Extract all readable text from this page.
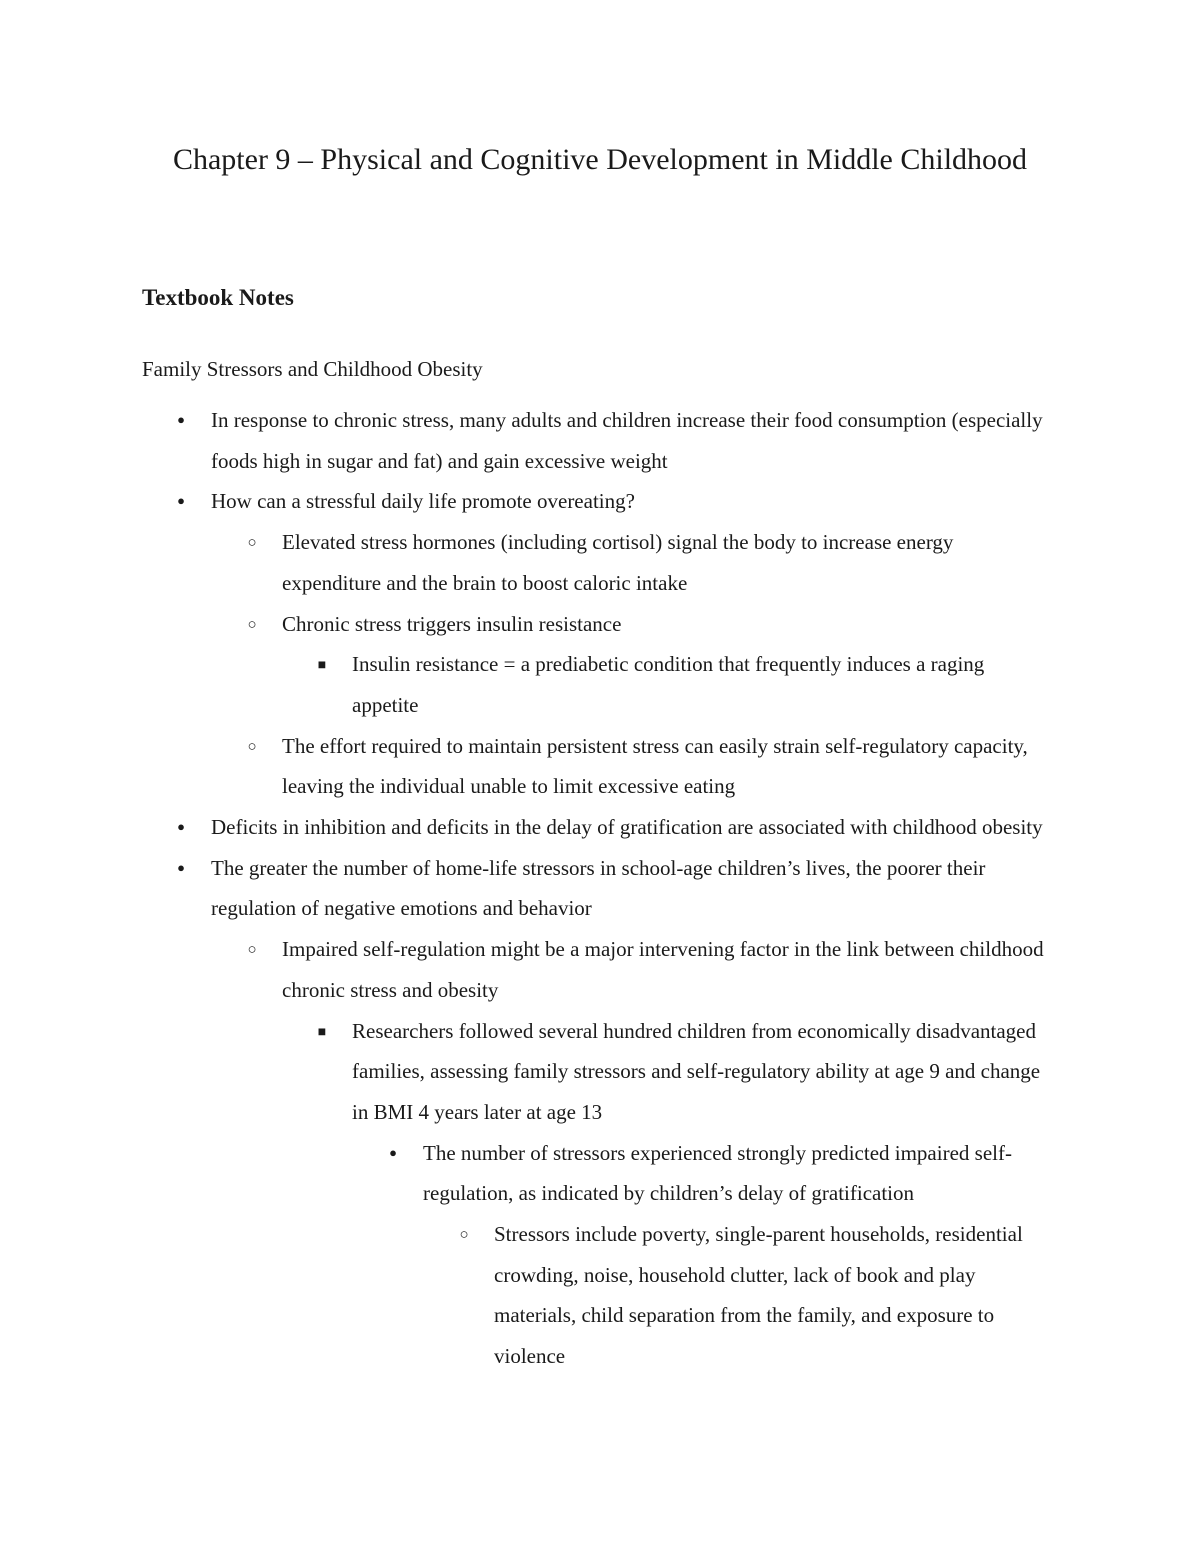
Chapter 9 – Physical and Cognitive Development in Middle Childhood
Textbook Notes

Family Stressors and Childhood Obesity

●
In response to chronic stress, many adults and children increase their food consumption (especially foods high in sugar and fat) and gain excessive weight
●
How can a stressful daily life promote overeating?
○
Elevated stress hormones (including cortisol) signal the body to increase energy expenditure and the brain to boost caloric intake
○
Chronic stress triggers insulin resistance
■
Insulin resistance = a prediabetic condition that frequently induces a raging appetite
○
The effort required to maintain persistent stress can easily strain self-regulatory capacity, leaving the individual unable to limit excessive eating
●
Deficits in inhibition and deficits in the delay of gratification are associated with childhood obesity
●
The greater the number of home-life stressors in school-age children’s lives, the poorer their regulation of negative emotions and behavior
○
Impaired self-regulation might be a major intervening factor in the link between childhood chronic stress and obesity
■
Researchers followed several hundred children from economically disadvantaged families, assessing family stressors and self-regulatory ability at age 9 and change in BMI 4 years later at age 13
●
The number of stressors experienced strongly predicted impaired self-regulation, as indicated by children’s delay of gratification
○
Stressors include poverty, single-parent households, residential crowding, noise, household clutter, lack of book and play materials, child separation from the family, and exposure to violence
